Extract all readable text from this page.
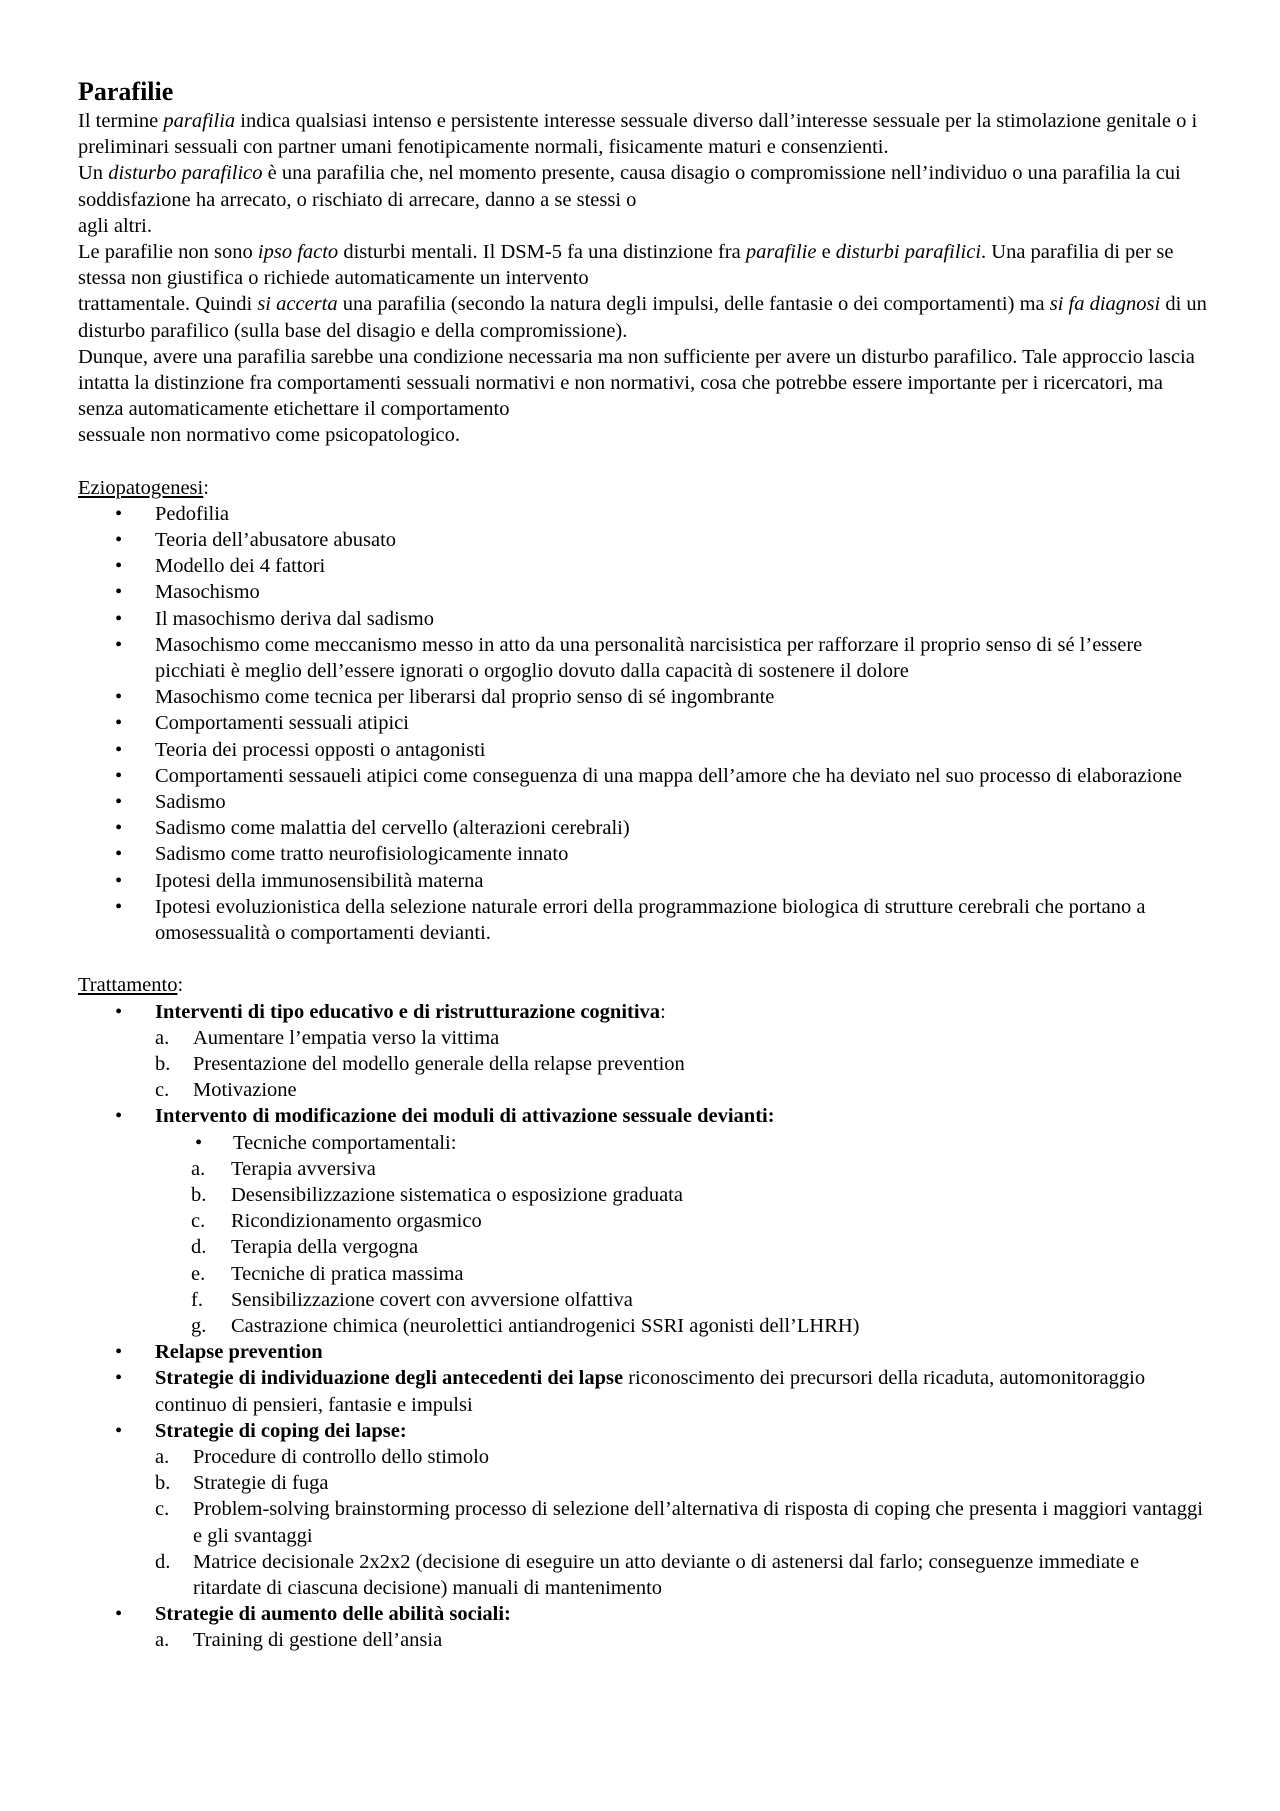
Parafilie

Il termine parafilia indica qualsiasi intenso e persistente interesse sessuale diverso dall’interesse sessuale per la stimolazione genitale o i preliminari sessuali con partner umani fenotipicamente normali, fisicamente maturi e consenzienti.

Un disturbo parafilico è una parafilia che, nel momento presente, causa disagio o compromissione nell’individuo o una parafilia la cui soddisfazione ha arrecato, o rischiato di arrecare, danno a se stessi o
agli altri.

Le parafilie non sono ipso facto disturbi mentali. Il DSM-5 fa una distinzione fra parafilie e disturbi parafilici. Una parafilia di per se stessa non giustifica o richiede automaticamente un intervento
trattamentale. Quindi si accerta una parafilia (secondo la natura degli impulsi, delle fantasie o dei comportamenti) ma si fa diagnosi di un disturbo parafilico (sulla base del disagio e della compromissione).

Dunque, avere una parafilia sarebbe una condizione necessaria ma non sufficiente per avere un disturbo parafilico. Tale approccio lascia intatta la distinzione fra comportamenti sessuali normativi e non normativi, cosa che potrebbe essere importante per i ricercatori, ma senza automaticamente etichettare il comportamento
sessuale non normativo come psicopatologico.

Eziopatogenesi:
• Pedofilia
• Teoria dell’abusatore abusato
• Modello dei 4 fattori
• Masochismo
• Il masochismo deriva dal sadismo
• Masochismo come meccanismo messo in atto da una personalità narcisistica per rafforzare il proprio senso di sé l’essere picchiati è meglio dell’essere ignorati o orgoglio dovuto dalla capacità di sostenere il dolore
• Masochismo come tecnica per liberarsi dal proprio senso di sé ingombrante
• Comportamenti sessuali atipici
• Teoria dei processi opposti o antagonisti
• Comportamenti sessaueli atipici come conseguenza di una mappa dell’amore che ha deviato nel suo processo di elaborazione
• Sadismo
• Sadismo come malattia del cervello (alterazioni cerebrali)
• Sadismo come tratto neurofisiologicamente innato
• Ipotesi della immunosensibilità materna
• Ipotesi evoluzionistica della selezione naturale errori della programmazione biologica di strutture cerebrali che portano a omosessualità o comportamenti devianti.
Trattamento:
• Interventi di tipo educativo e di ristrutturazione cognitiva:
a. Aumentare l’empatia verso la vittima
b. Presentazione del modello generale della relapse prevention
c. Motivazione
• Intervento di modificazione dei moduli di attivazione sessuale devianti:
• Tecniche comportamentali:
a. Terapia avversiva
b. Desensibilizzazione sistematica o esposizione graduata
c. Ricondizionamento orgasmico
d. Terapia della vergogna
e. Tecniche di pratica massima
f. Sensibilizzazione covert con avversione olfattiva
g. Castrazione chimica (neurolettici antiandrogenici SSRI agonisti dell’LHRH)
• Relapse prevention
• Strategie di individuazione degli antecedenti dei lapse riconoscimento dei precursori della ricaduta, automonitoraggio continuo di pensieri, fantasie e impulsi
• Strategie di coping dei lapse:
a. Procedure di controllo dello stimolo
b. Strategie di fuga
c. Problem-solving brainstorming processo di selezione dell’alternativa di risposta di coping che presenta i maggiori vantaggi e gli svantaggi
d. Matrice decisionale 2x2x2 (decisione di eseguire un atto deviante o di astenersi dal farlo; conseguenze immediate e ritardate di ciascuna decisione) manuali di mantenimento
• Strategie di aumento delle abilità sociali:
a. Training di gestione dell’ansia
